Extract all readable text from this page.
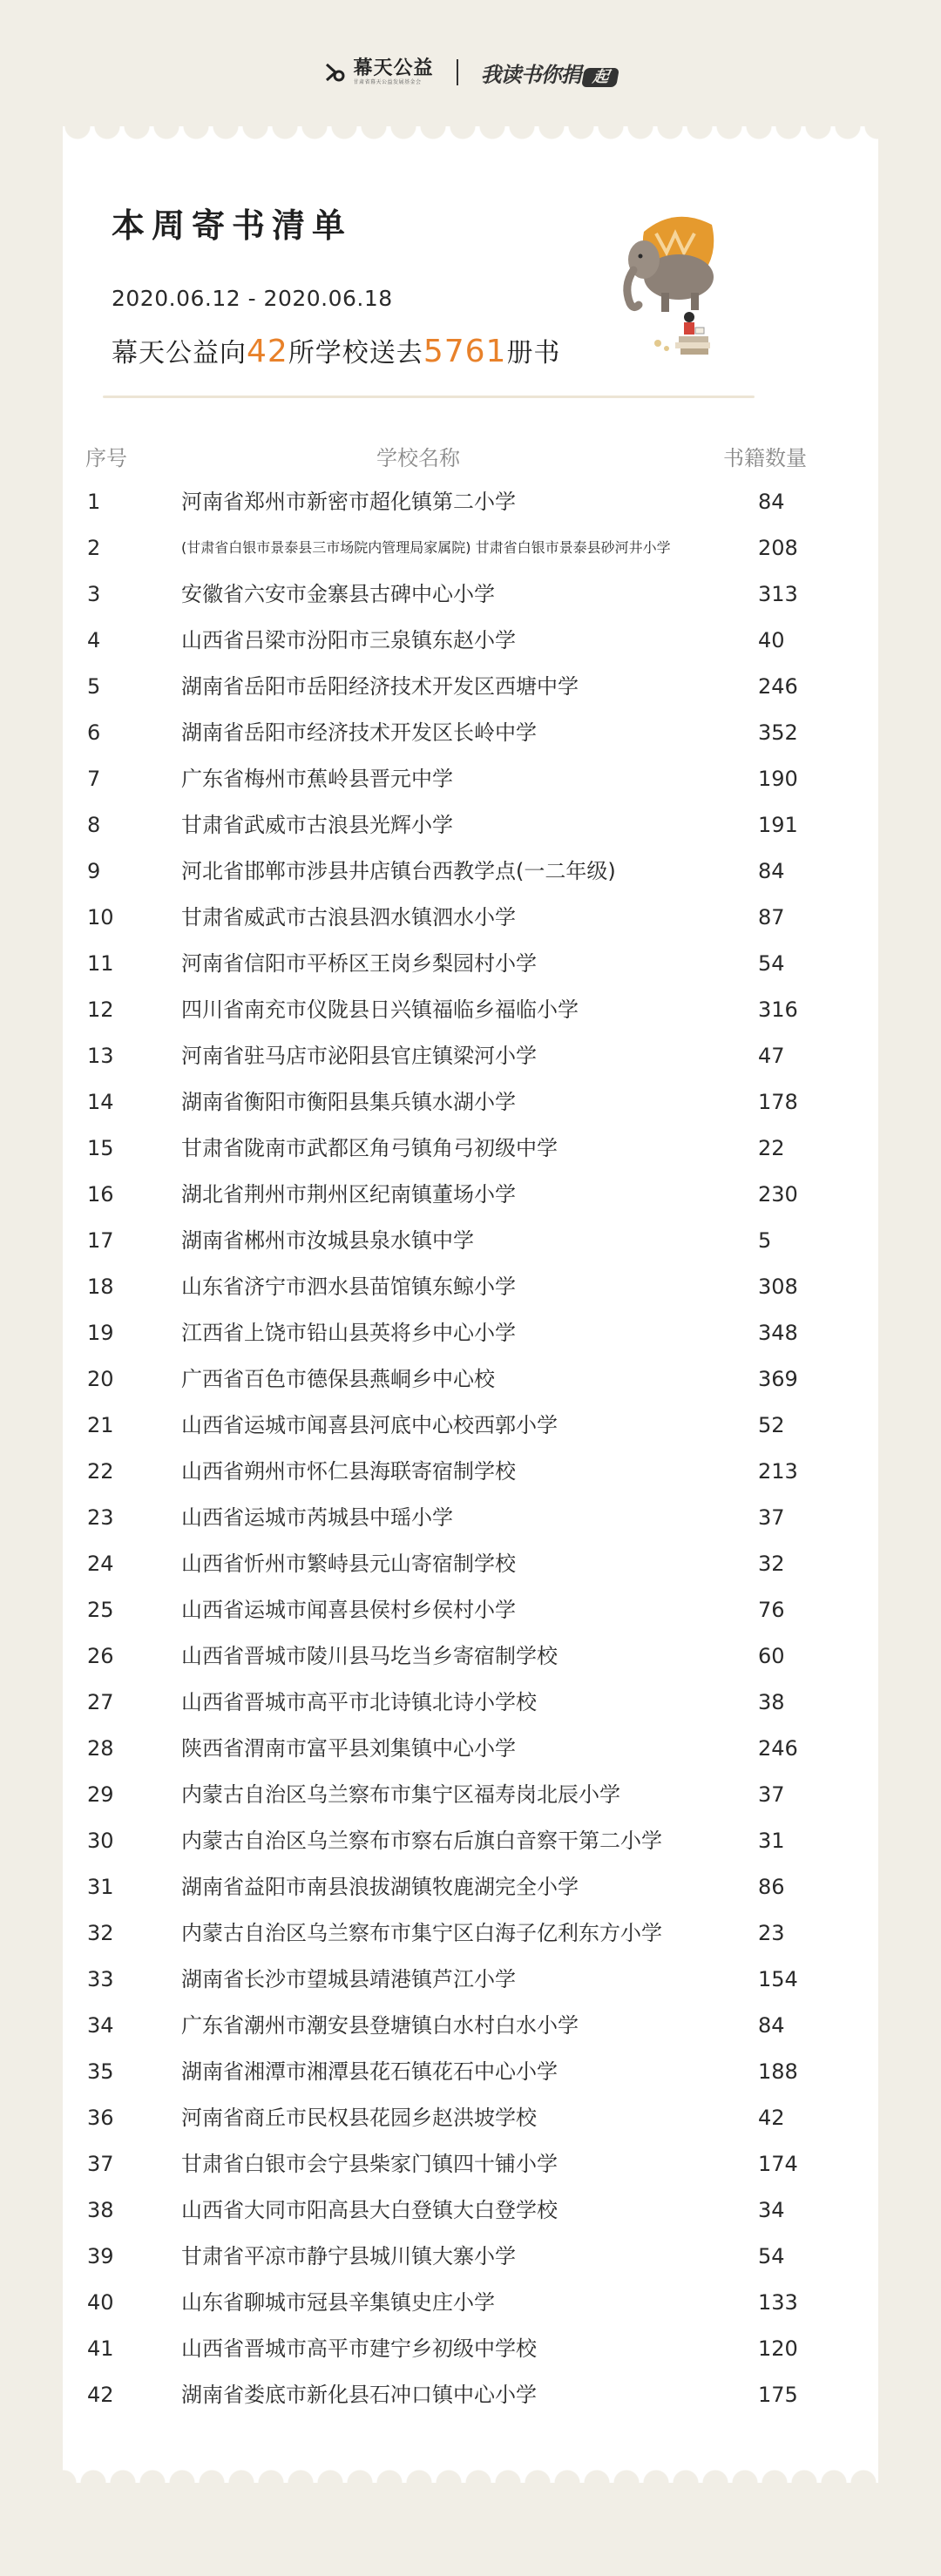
幕天公益
甘肃省幕天公益发展基金会	我读书你捐 起
本周寄书清单
2020.06.12 - 2020.06.18
幕天公益向42所学校送去5761册书
序号	学校名称	书籍数量
1	河南省郑州市新密市超化镇第二小学	84
2	(甘肃省白银市景泰县三市场院内管理局家属院) 甘肃省白银市景泰县砂河井小学	208
3	安徽省六安市金寨县古碑中心小学	313
4	山西省吕梁市汾阳市三泉镇东赵小学	40
5	湖南省岳阳市岳阳经济技术开发区西塘中学	246
6	湖南省岳阳市经济技术开发区长岭中学	352
7	广东省梅州市蕉岭县晋元中学	190
8	甘肃省武威市古浪县光辉小学	191
9	河北省邯郸市涉县井店镇台西教学点(一二年级)	84
10	甘肃省威武市古浪县泗水镇泗水小学	87
11	河南省信阳市平桥区王岗乡梨园村小学	54
12	四川省南充市仪陇县日兴镇福临乡福临小学	316
13	河南省驻马店市泌阳县官庄镇梁河小学	47
14	湖南省衡阳市衡阳县集兵镇水湖小学	178
15	甘肃省陇南市武都区角弓镇角弓初级中学	22
16	湖北省荆州市荆州区纪南镇董场小学	230
17	湖南省郴州市汝城县泉水镇中学	5
18	山东省济宁市泗水县苗馆镇东鲸小学	308
19	江西省上饶市铅山县英将乡中心小学	348
20	广西省百色市德保县燕峒乡中心校	369
21	山西省运城市闻喜县河底中心校西郭小学	52
22	山西省朔州市怀仁县海联寄宿制学校	213
23	山西省运城市芮城县中瑶小学	37
24	山西省忻州市繁峙县元山寄宿制学校	32
25	山西省运城市闻喜县侯村乡侯村小学	76
26	山西省晋城市陵川县马圪当乡寄宿制学校	60
27	山西省晋城市高平市北诗镇北诗小学校	38
28	陕西省渭南市富平县刘集镇中心小学	246
29	内蒙古自治区乌兰察布市集宁区福寿岗北辰小学	37
30	内蒙古自治区乌兰察布市察右后旗白音察干第二小学	31
31	湖南省益阳市南县浪拔湖镇牧鹿湖完全小学	86
32	内蒙古自治区乌兰察布市集宁区白海子亿利东方小学	23
33	湖南省长沙市望城县靖港镇芦江小学	154
34	广东省潮州市潮安县登塘镇白水村白水小学	84
35	湖南省湘潭市湘潭县花石镇花石中心小学	188
36	河南省商丘市民权县花园乡赵洪坡学校	42
37	甘肃省白银市会宁县柴家门镇四十铺小学	174
38	山西省大同市阳高县大白登镇大白登学校	34
39	甘肃省平凉市静宁县城川镇大寨小学	54
40	山东省聊城市冠县辛集镇史庄小学	133
41	山西省晋城市高平市建宁乡初级中学校	120
42	湖南省娄底市新化县石冲口镇中心小学	175
